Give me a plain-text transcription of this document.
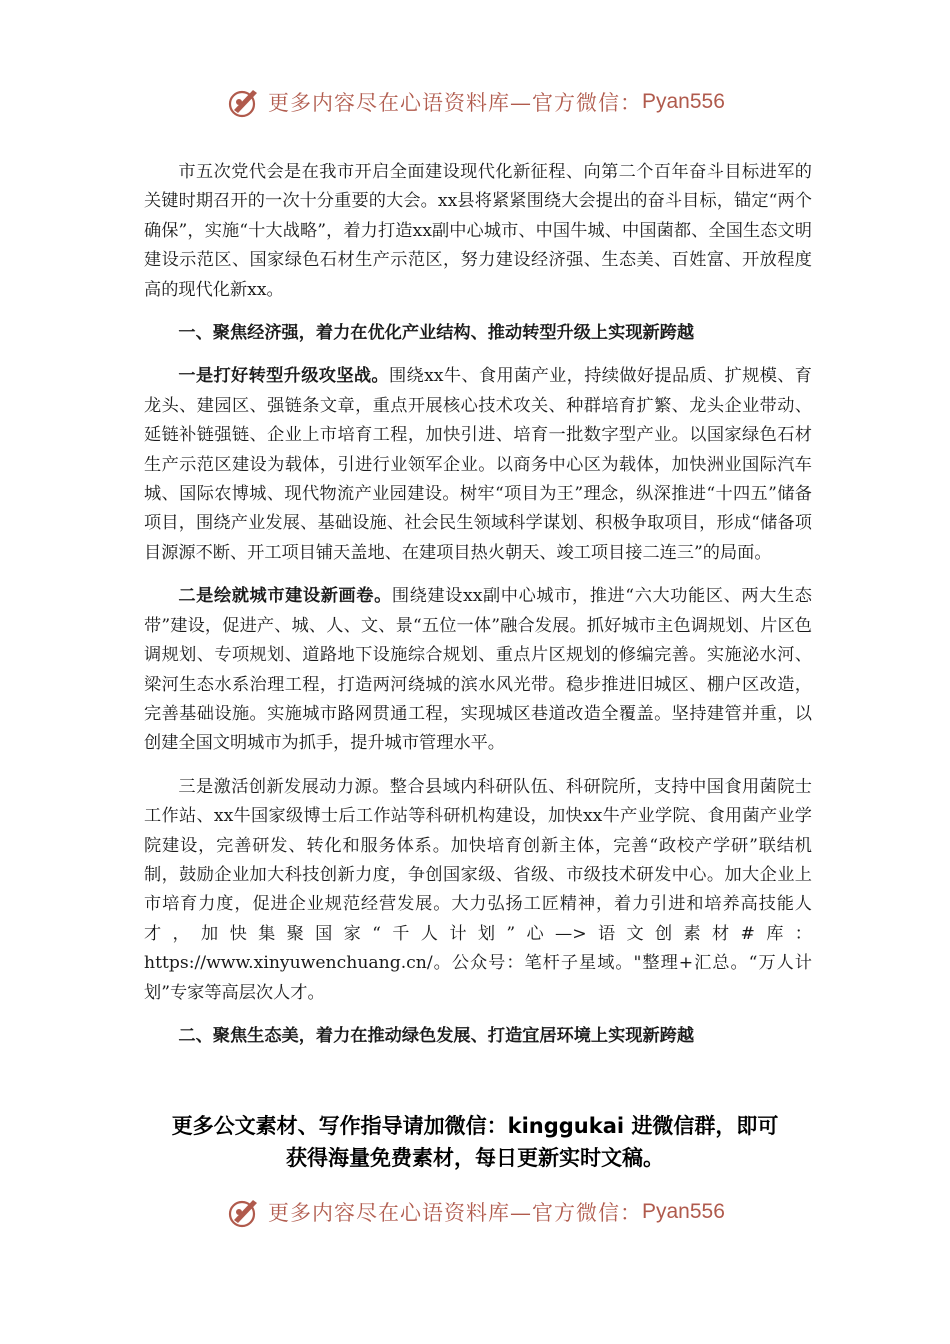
更多内容尽在心语资料库—官方微信： Pyan556

市五次党代会是在我市开启全面建设现代化新征程、向第二个百年奋斗目标进军的关键时期召开的一次十分重要的大会。xx县将紧紧围绕大会提出的奋斗目标，锚定“两个确保”，实施“十大战略”，着力打造xx副中心城市、中国牛城、中国菌都、全国生态文明建设示范区、国家绿色石材生产示范区，努力建设经济强、生态美、百姓富、开放程度高的现代化新xx。

一、聚焦经济强，着力在优化产业结构、推动转型升级上实现新跨越

一是打好转型升级攻坚战。围绕xx牛、食用菌产业，持续做好提品质、扩规模、育龙头、建园区、强链条文章，重点开展核心技术攻关、种群培育扩繁、龙头企业带动、延链补链强链、企业上市培育工程，加快引进、培育一批数字型产业。以国家绿色石材生产示范区建设为载体，引进行业领军企业。以商务中心区为载体，加快洲业国际汽车城、国际农博城、现代物流产业园建设。树牢“项目为王”理念，纵深推进“十四五”储备项目，围绕产业发展、基础设施、社会民生领域科学谋划、积极争取项目，形成“储备项目源源不断、开工项目铺天盖地、在建项目热火朝天、竣工项目接二连三”的局面。

二是绘就城市建设新画卷。围绕建设xx副中心城市，推进“六大功能区、两大生态带”建设，促进产、城、人、文、景“五位一体”融合发展。抓好城市主色调规划、片区色调规划、专项规划、道路地下设施综合规划、重点片区规划的修编完善。实施泌水河、梁河生态水系治理工程，打造两河绕城的滨水风光带。稳步推进旧城区、棚户区改造，完善基础设施。实施城市路网贯通工程，实现城区巷道改造全覆盖。坚持建管并重，以创建全国文明城市为抓手，提升城市管理水平。

三是激活创新发展动力源。整合县域内科研队伍、科研院所，支持中国食用菌院士工作站、xx牛国家级博士后工作站等科研机构建设，加快xx牛产业学院、食用菌产业学院建设，完善研发、转化和服务体系。加快培育创新主体，完善“政校产学研”联结机制，鼓励企业加大科技创新力度，争创国家级、省级、市级技术研发中心。加大企业上市培育力度，促进企业规范经营发展。大力弘扬工匠精神，着力引进和培养高技能人才，加快集聚国家“千人计划”心—>语文创素材#库：https://www.xinyuwenchuang.cn/。公众号：笔杆子星域。"整理+汇总。“万人计划”专家等高层次人才。

二、聚焦生态美，着力在推动绿色发展、打造宜居环境上实现新跨越

更多公文素材、写作指导请加微信：kinggukai 进微信群，即可
获得海量免费素材，每日更新实时文稿。
更多内容尽在心语资料库—官方微信： Pyan556
